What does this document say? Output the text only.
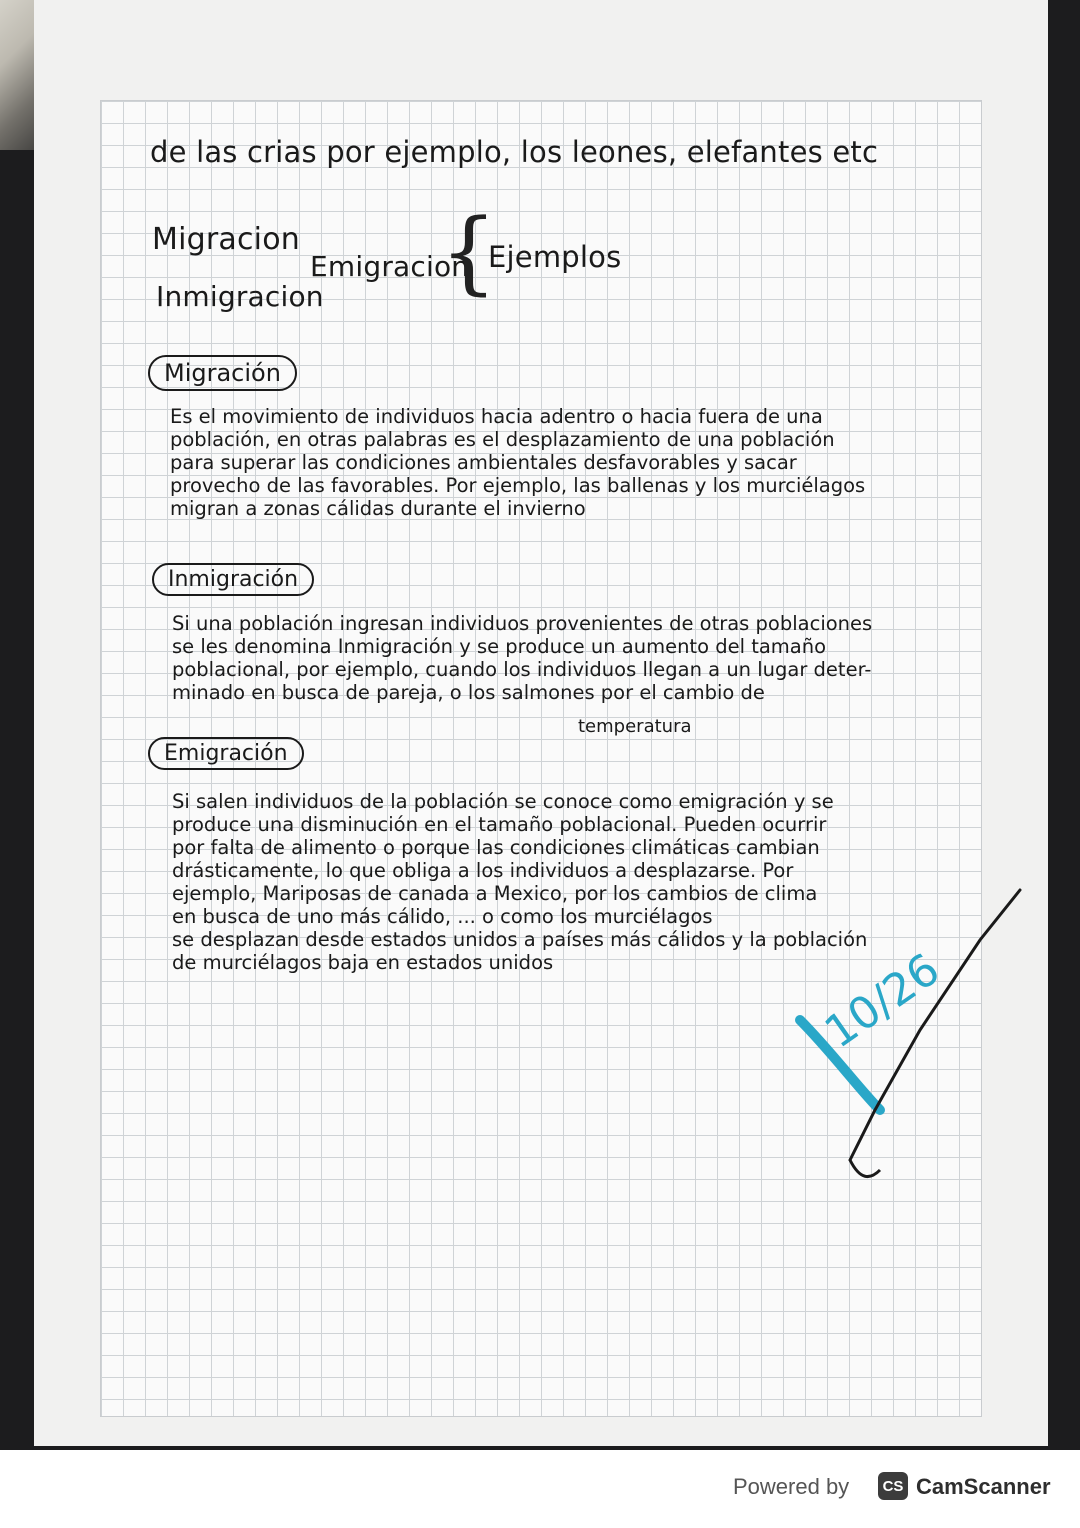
de las crias por ejemplo, los leones, elefantes etc
Migracion
Inmigracion
Emigracion
{
Ejemplos
Migración
Es el movimiento de individuos hacia adentro o hacia fuera de una
población, en otras palabras es el desplazamiento de una población
para superar las condiciones ambientales desfavorables y sacar
provecho de las favorables. Por ejemplo, las ballenas y los murciélagos
migran a zonas cálidas durante el invierno
Inmigración
Si una población ingresan individuos provenientes de otras poblaciones
se les denomina Inmigración y se produce un aumento del tamaño
poblacional, por ejemplo, cuando los individuos llegan a un lugar deter-
minado en busca de pareja, o los salmones por el cambio de
temperatura
Emigración
Si salen individuos de la población se conoce como emigración y se
produce una disminución en el tamaño poblacional. Pueden ocurrir
por falta de alimento o porque las condiciones climáticas cambian
drásticamente, lo que obliga a los individuos a desplazarse. Por
ejemplo, Mariposas de canada a Mexico, por los cambios de clima
en busca de uno más cálido, ... o como los murciélagos
se desplazan desde estados unidos a países más cálidos y la población
de murciélagos baja en estados unidos	10/26
Powered by	CS CamScanner
